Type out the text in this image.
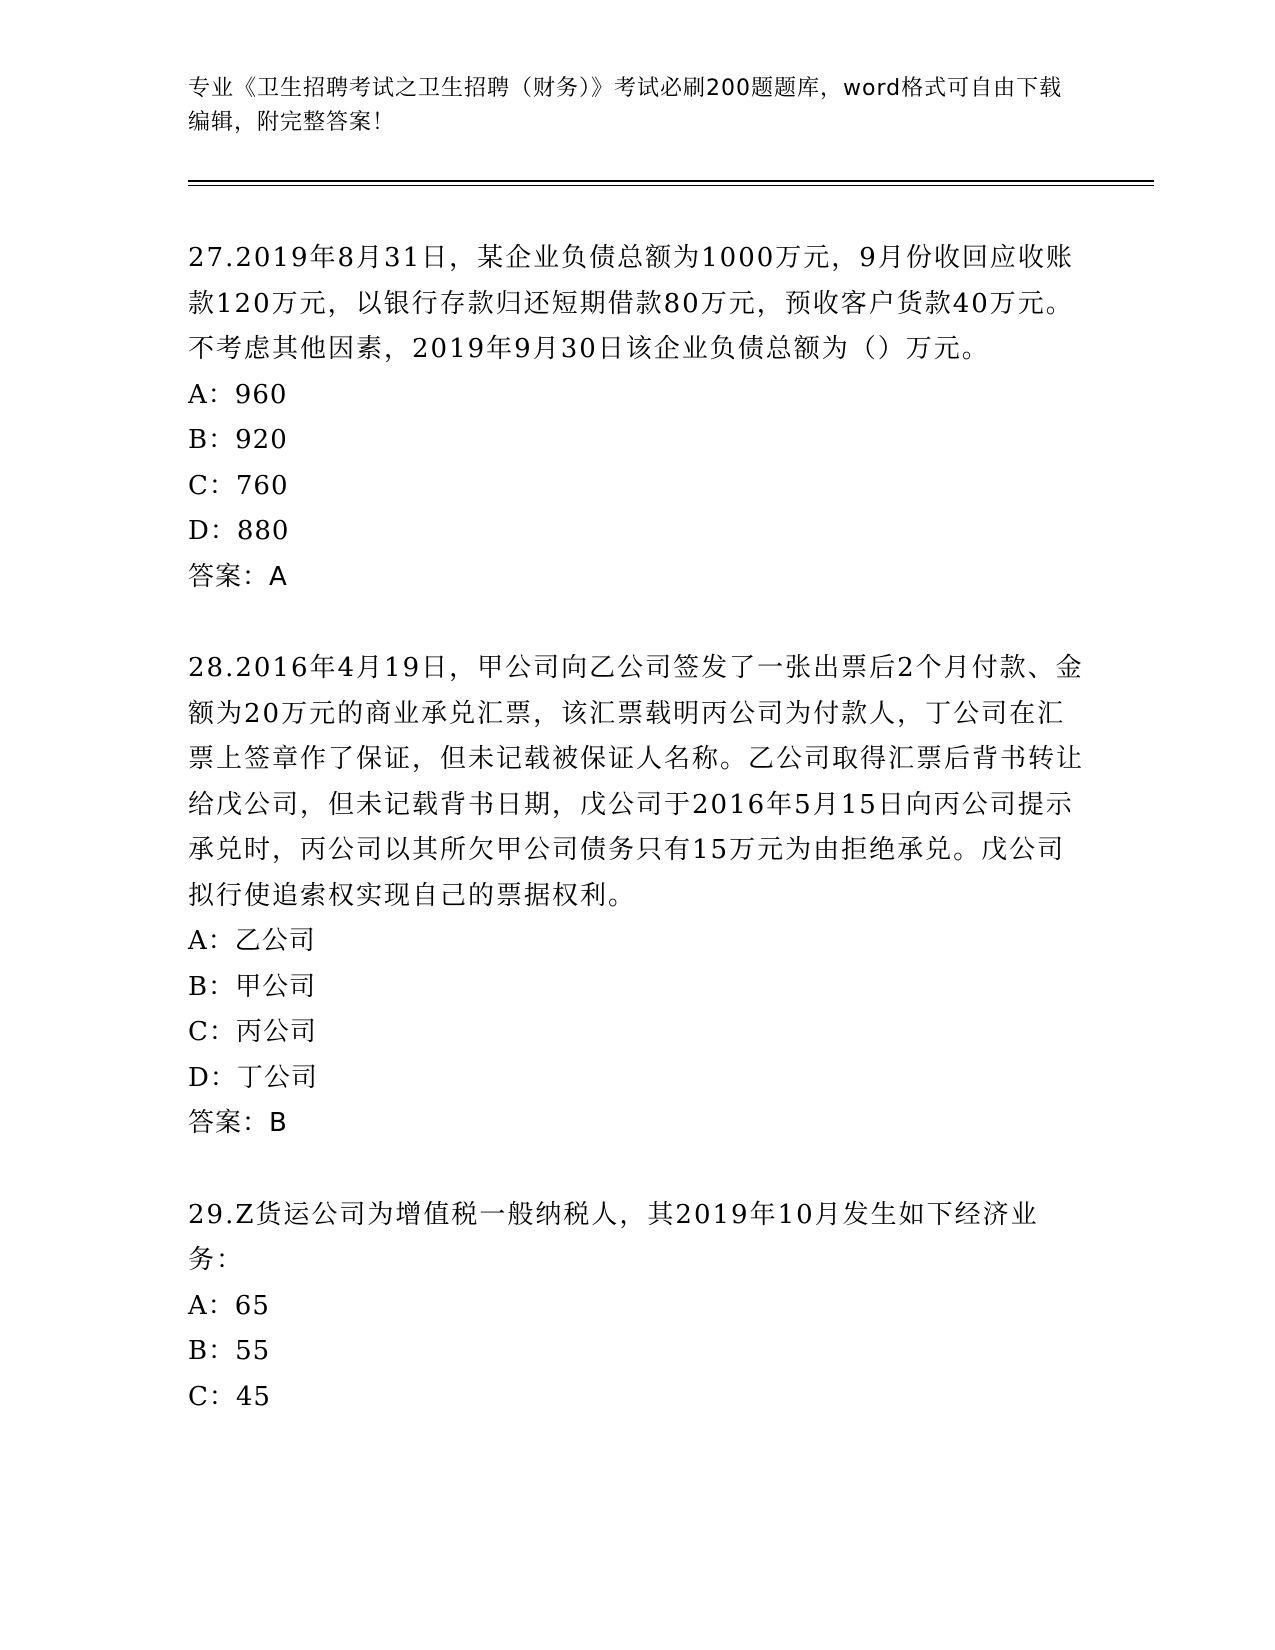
专业《卫生招聘考试之卫生招聘（财务）》考试必刷200题题库，word格式可自由下载编辑，附完整答案！

27.2019年8月31日，某企业负债总额为1000万元，9月份收回应收账款120万元，以银行存款归还短期借款80万元，预收客户货款40万元。不考虑其他因素，2019年9月30日该企业负债总额为（）万元。

A：960

B：920

C：760

D：880

答案：A

28.2016年4月19日，甲公司向乙公司签发了一张出票后2个月付款、金额为20万元的商业承兑汇票，该汇票载明丙公司为付款人，丁公司在汇票上签章作了保证，但未记载被保证人名称。乙公司取得汇票后背书转让给戊公司，但未记载背书日期，戊公司于2016年5月15日向丙公司提示承兑时，丙公司以其所欠甲公司债务只有15万元为由拒绝承兑。戊公司拟行使追索权实现自己的票据权利。

A：乙公司

B：甲公司

C：丙公司

D：丁公司

答案：B

29.Z货运公司为增值税一般纳税人，其2019年10月发生如下经济业务：

A：65

B：55

C：45
